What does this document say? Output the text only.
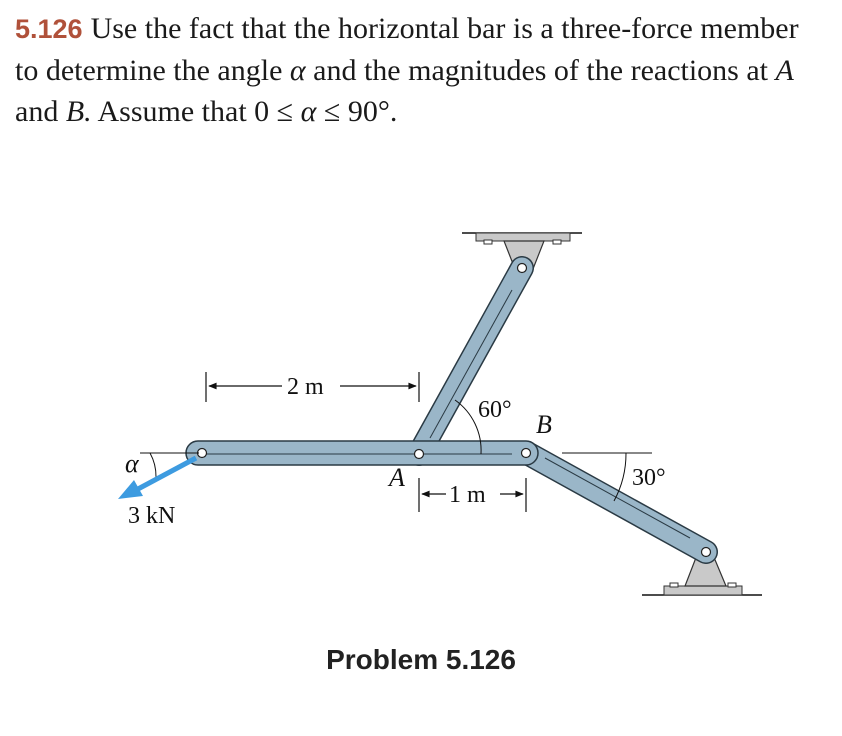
5.126 Use the fact that the horizontal bar is a three-force member to determine the angle α and the magnitudes of the reactions at A and B. Assume that 0 ≤ α ≤ 90°.
2 m
1 m
60°
30°
A
B
α
3 kN
Problem 5.126
